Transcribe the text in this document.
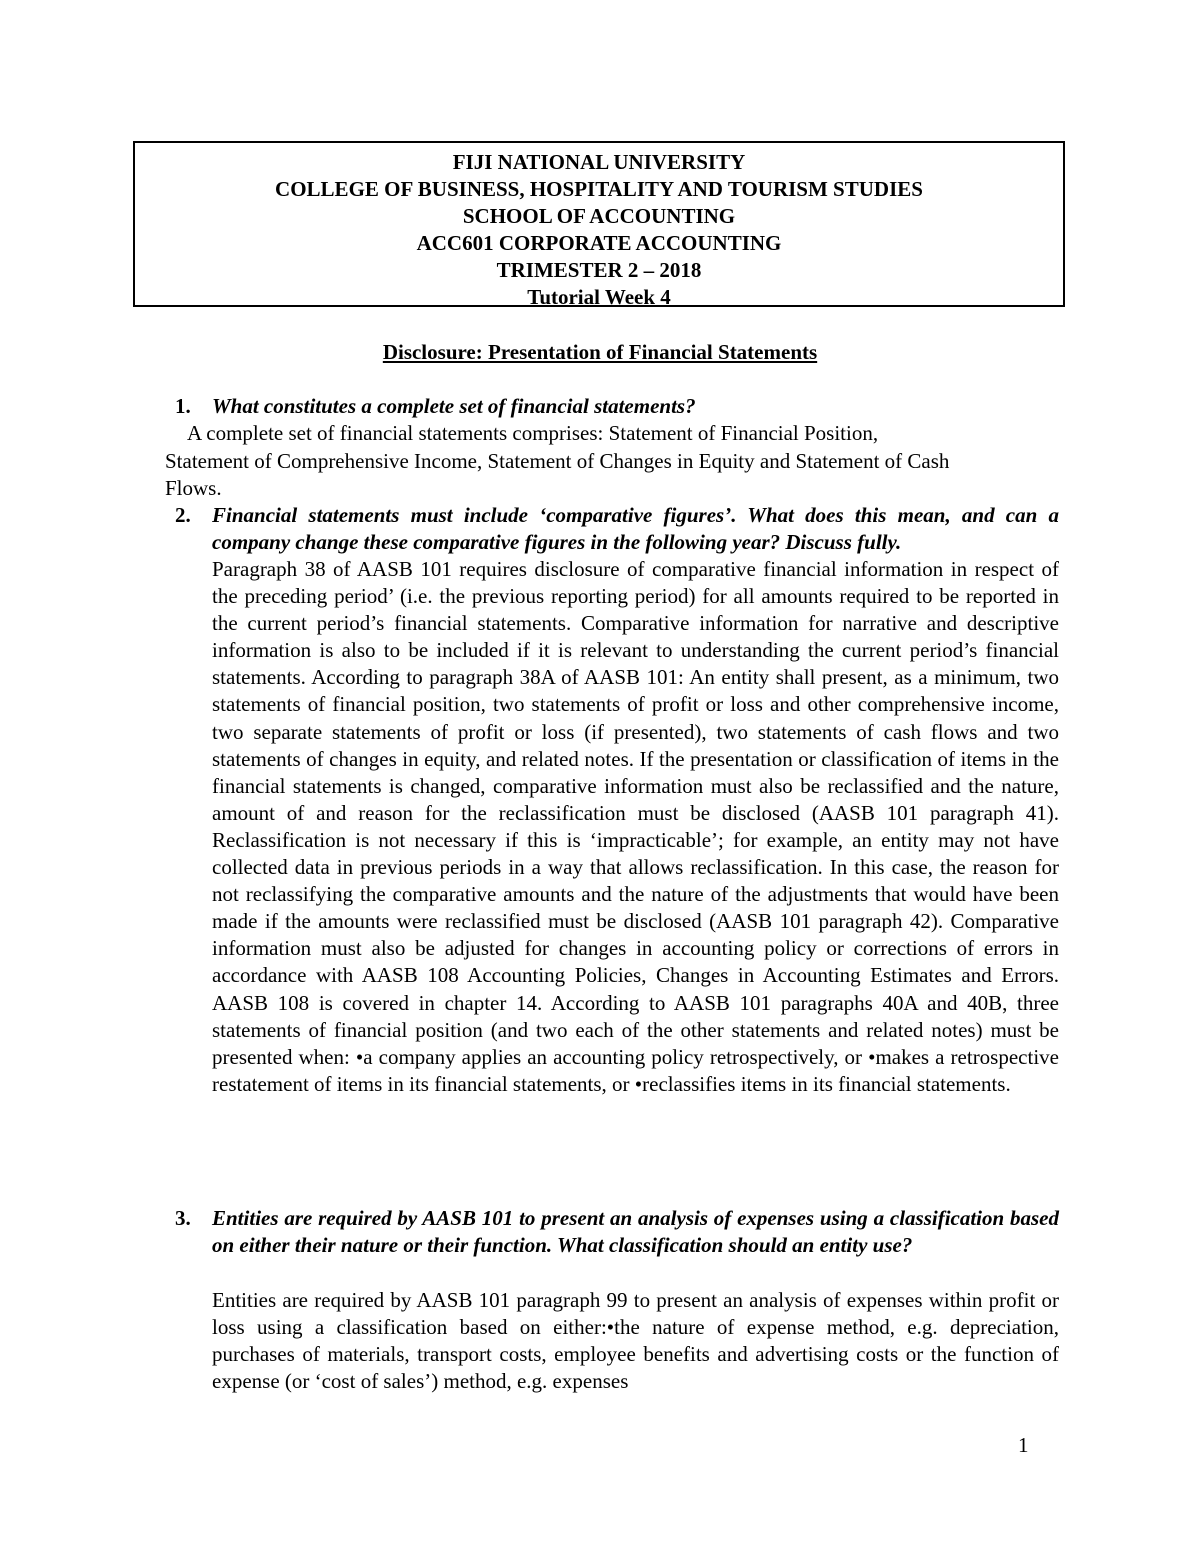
FIJI NATIONAL UNIVERSITY
COLLEGE OF BUSINESS, HOSPITALITY AND TOURISM STUDIES
SCHOOL OF ACCOUNTING
ACC601 CORPORATE ACCOUNTING
TRIMESTER 2 – 2018
Tutorial Week 4
Disclosure: Presentation of Financial Statements
1.	What constitutes a complete set of financial statements?
A complete set of financial statements comprises: Statement of Financial Position,
Statement of Comprehensive Income, Statement of Changes in Equity and Statement of Cash
Flows.
2.	Financial statements must include ‘comparative figures’. What does this mean, and can a company change these comparative figures in the following year? Discuss fully.
Paragraph 38 of AASB 101 requires disclosure of comparative financial information in respect of the preceding period’ (i.e. the previous reporting period) for all amounts required to be reported in the current period’s financial statements. Comparative information for narrative and descriptive information is also to be included if it is relevant to understanding the current period’s financial statements. According to paragraph 38A of AASB 101: An entity shall present, as a minimum, two statements of financial position, two statements of profit or loss and other comprehensive income, two separate statements of profit or loss (if presented), two statements of cash flows and two statements of changes in equity, and related notes. If the presentation or classification of items in the financial statements is changed, comparative information must also be reclassified and the nature, amount of and reason for the reclassification must be disclosed (AASB 101 paragraph 41). Reclassification is not necessary if this is ‘impracticable’; for example, an entity may not have collected data in previous periods in a way that allows reclassification. In this case, the reason for not reclassifying the comparative amounts and the nature of the adjustments that would have been made if the amounts were reclassified must be disclosed (AASB 101 paragraph 42). Comparative information must also be adjusted for changes in accounting policy or corrections of errors in accordance with AASB 108 Accounting Policies, Changes in Accounting Estimates and Errors. AASB 108 is covered in chapter 14. According to AASB 101 paragraphs 40A and 40B, three statements of financial position (and two each of the other statements and related notes) must be presented when: •a company applies an accounting policy retrospectively, or •makes a retrospective restatement of items in its financial statements, or •reclassifies items in its financial statements.
3.	Entities are required by AASB 101 to present an analysis of expenses using a classification based on either their nature or their function. What classification should an entity use?
Entities are required by AASB 101 paragraph 99 to present an analysis of expenses within profit or loss using a classification based on either:•the nature of expense method, e.g. depreciation, purchases of materials, transport costs, employee benefits and advertising costs or the function of expense (or ‘cost of sales’) method, e.g. expenses
1
